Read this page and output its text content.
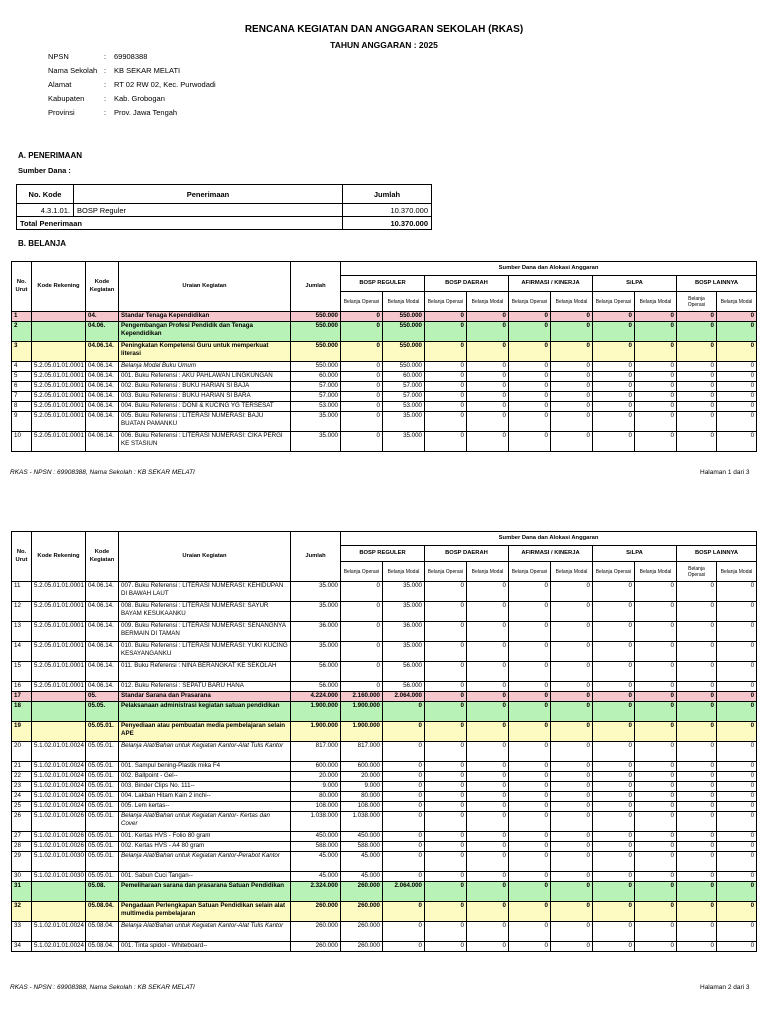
RENCANA KEGIATAN DAN ANGGARAN SEKOLAH (RKAS)
TAHUN ANGGARAN : 2025
NPSN	:	69908388
Nama Sekolah	:	KB SEKAR MELATI
Alamat	:	RT 02 RW 02, Kec. Purwodadi
Kabupaten	:	Kab. Grobogan
Provinsi	:	Prov. Jawa Tengah
A. PENERIMAAN
Sumber Dana :
No. Kode	Penerimaan	Jumlah
4.3.1.01.	BOSP Reguler	10.370.000
Total Penerimaan		10.370.000
B. BELANJA
No. Urut	Kode Rekening	Kode Kegiatan	Uraian Kegiatan	Jumlah	Sumber Dana dan Alokasi Anggaran									
					BOSP REGULER		BOSP DAERAH		AFIRMASI / KINERJA		SiLPA		BOSP LAINNYA	
					Belanja Operasi	Belanja Modal	Belanja Operasi	Belanja Modal	Belanja Operasi	Belanja Modal	Belanja Operasi	Belanja Modal	Belanja Operasi	Belanja Modal
1		04.	Standar Tenaga Kependidikan	550.000	0	550.000	0	0	0	0	0	0	0	0
2		04.06.	Pengembangan Profesi Pendidik dan Tenaga Kependidikan	550.000	0	550.000	0	0	0	0	0	0	0	0
3		04.06.14.	Peningkatan Kompetensi Guru untuk memperkuat literasi	550.000	0	550.000	0	0	0	0	0	0	0	0
4	5.2.05.01.01.0001	04.06.14.	Belanja Modal Buku Umum	550.000	0	550.000	0	0	0	0	0	0	0	0
5	5.2.05.01.01.0001	04.06.14.	001. Buku Referensi : AKU PAHLAWAN LINGKUNGAN	60.000	0	60.000	0	0	0	0	0	0	0	0
6	5.2.05.01.01.0001	04.06.14.	002. Buku Referensi : BUKU HARIAN SI BAJA	57.000	0	57.000	0	0	0	0	0	0	0	0
7	5.2.05.01.01.0001	04.06.14.	003. Buku Referensi : BUKU HARIAN SI BARA	57.000	0	57.000	0	0	0	0	0	0	0	0
8	5.2.05.01.01.0001	04.06.14.	004. Buku Referensi : DONI & KUCING YG TERSESAT	53.000	0	53.000	0	0	0	0	0	0	0	0
9	5.2.05.01.01.0001	04.06.14.	005. Buku Referensi : LITERASI NUMERASI: BAJU BUATAN PAMANKU	35.000	0	35.000	0	0	0	0	0	0	0	0
10	5.2.05.01.01.0001	04.06.14.	006. Buku Referensi : LITERASI NUMERASI: CIKA PERGI KE STASIUN	35.000	0	35.000	0	0	0	0	0	0	0	0
RKAS - NPSN : 69908388, Nama Sekolah : KB SEKAR MELATI	Halaman 1 dari 3
No. Urut	Kode Rekening	Kode Kegiatan	Uraian Kegiatan	Jumlah	Sumber Dana dan Alokasi Anggaran									
					BOSP REGULER		BOSP DAERAH		AFIRMASI / KINERJA		SiLPA		BOSP LAINNYA	
					Belanja Operasi	Belanja Modal	Belanja Operasi	Belanja Modal	Belanja Operasi	Belanja Modal	Belanja Operasi	Belanja Modal	Belanja Operasi	Belanja Modal
11	5.2.05.01.01.0001	04.06.14.	007. Buku Referensi : LITERASI NUMERASI: KEHIDUPAN DI BAWAH LAUT	35.000	0	35.000	0	0	0	0	0	0	0	0
12	5.2.05.01.01.0001	04.06.14.	008. Buku Referensi : LITERASI NUMERASI: SAYUR BAYAM KESUKAANKU	35.000	0	35.000	0	0	0	0	0	0	0	0
13	5.2.05.01.01.0001	04.06.14.	009. Buku Referensi : LITERASI NUMERASI: SENANGNYA BERMAIN DI TAMAN	36.000	0	36.000	0	0	0	0	0	0	0	0
14	5.2.05.01.01.0001	04.06.14.	010. Buku Referensi : LITERASI NUMERASI: YUKI KUCING KESAYANGANKU	35.000	0	35.000	0	0	0	0	0	0	0	0
15	5.2.05.01.01.0001	04.06.14.	011. Buku Referensi : NINA BERANGKAT KE SEKOLAH	56.000	0	56.000	0	0	0	0	0	0	0	0
16	5.2.05.01.01.0001	04.06.14.	012. Buku Referensi : SEPATU BARU HANA	56.000	0	56.000	0	0	0	0	0	0	0	0
17		05.	Standar Sarana dan Prasarana	4.224.000	2.160.000	2.064.000	0	0	0	0	0	0	0	0
18		05.05.	Pelaksanaan administrasi kegiatan satuan pendidikan	1.900.000	1.900.000	0	0	0	0	0	0	0	0	0
19		05.05.01.	Penyediaan atau pembuatan media pembelajaran selain APE	1.900.000	1.900.000	0	0	0	0	0	0	0	0	0
20	5.1.02.01.01.0024	05.05.01.	Belanja Alat/Bahan untuk Kegiatan Kantor-Alat Tulis Kantor	817.000	817.000	0	0	0	0	0	0	0	0	0
21	5.1.02.01.01.0024	05.05.01.	001. Sampul bening-Plastik mika F4	600.000	600.000	0	0	0	0	0	0	0	0	0
22	5.1.02.01.01.0024	05.05.01.	002. Ballpoint - Gel--	20.000	20.000	0	0	0	0	0	0	0	0	0
23	5.1.02.01.01.0024	05.05.01.	003. Binder Clips No. 111--	9.000	9.000	0	0	0	0	0	0	0	0	0
24	5.1.02.01.01.0024	05.05.01.	004. Lakban Hitam Kain 2 inchi--	80.000	80.000	0	0	0	0	0	0	0	0	0
25	5.1.02.01.01.0024	05.05.01.	005. Lem kertas--	108.000	108.000	0	0	0	0	0	0	0	0	0
26	5.1.02.01.01.0026	05.05.01.	Belanja Alat/Bahan untuk Kegiatan Kantor- Kertas dan Cover	1.038.000	1.038.000	0	0	0	0	0	0	0	0	0
27	5.1.02.01.01.0026	05.05.01.	001. Kertas HVS - Folio 80 gram	450.000	450.000	0	0	0	0	0	0	0	0	0
28	5.1.02.01.01.0026	05.05.01.	002. Kertas HVS - A4 80 gram	588.000	588.000	0	0	0	0	0	0	0	0	0
29	5.1.02.01.01.0030	05.05.01.	Belanja Alat/Bahan untuk Kegiatan Kantor-Perabot Kantor	45.000	45.000	0	0	0	0	0	0	0	0	0
30	5.1.02.01.01.0030	05.05.01.	001. Sabun Cuci Tangan--	45.000	45.000	0	0	0	0	0	0	0	0	0
31		05.08.	Pemeliharaan sarana dan prasarana Satuan Pendidikan	2.324.000	260.000	2.064.000	0	0	0	0	0	0	0	0
32		05.08.04.	Pengadaan Perlengkapan Satuan Pendidikan selain alat multimedia pembelajaran	260.000	260.000	0	0	0	0	0	0	0	0	0
33	5.1.02.01.01.0024	05.08.04.	Belanja Alat/Bahan untuk Kegiatan Kantor-Alat Tulis Kantor	260.000	260.000	0	0	0	0	0	0	0	0	0
34	5.1.02.01.01.0024	05.08.04.	001. Tinta spidol - Whiteboard--	260.000	260.000	0	0	0	0	0	0	0	0	0
RKAS - NPSN : 69908388, Nama Sekolah : KB SEKAR MELATI	Halaman 2 dari 3
